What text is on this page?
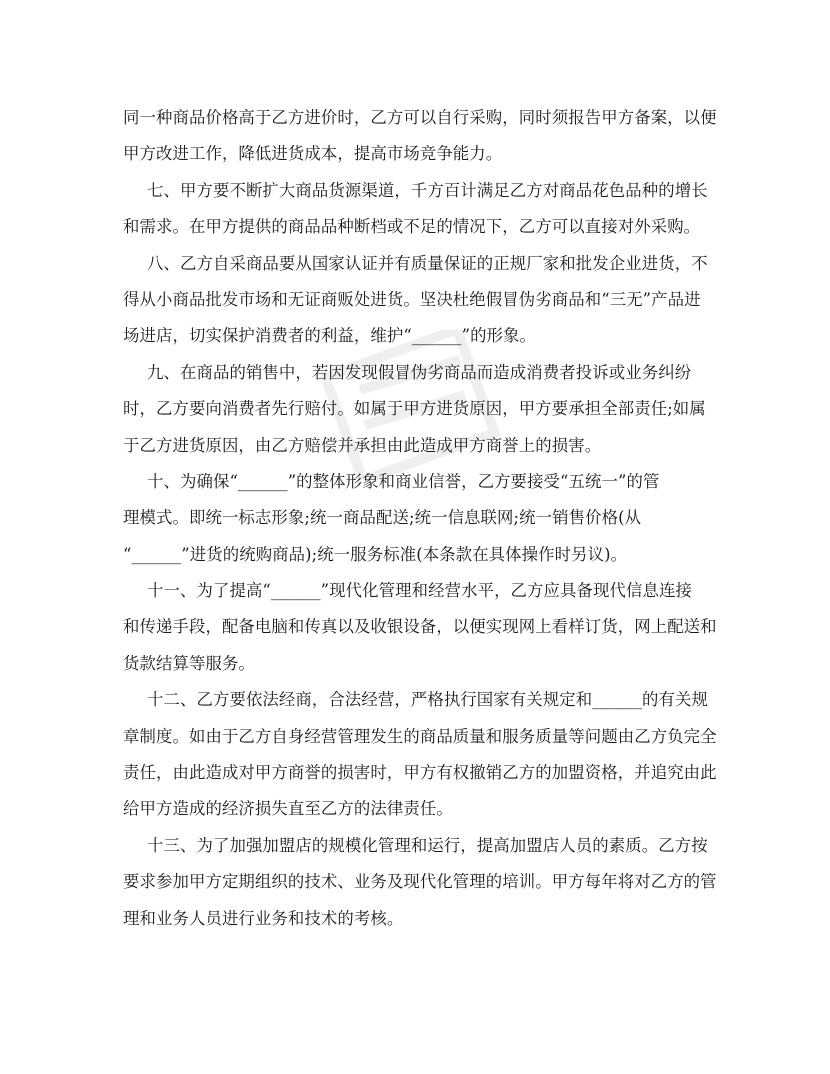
同一种商品价格高于乙方进价时，乙方可以自行采购，同时须报告甲方备案，以便
甲方改进工作，降低进货成本，提高市场竞争能力。
七、甲方要不断扩大商品货源渠道，千方百计满足乙方对商品花色品种的增长
和需求。在甲方提供的商品品种断档或不足的情况下，乙方可以直接对外采购。
八、乙方自采商品要从国家认证并有质量保证的正规厂家和批发企业进货，不
得从小商品批发市场和无证商贩处进货。坚决杜绝假冒伪劣商品和“三无”产品进
场进店，切实保护消费者的利益，维护“______”的形象。
九、在商品的销售中，若因发现假冒伪劣商品而造成消费者投诉或业务纠纷
时，乙方要向消费者先行赔付。如属于甲方进货原因，甲方要承担全部责任;如属
于乙方进货原因，由乙方赔偿并承担由此造成甲方商誉上的损害。
十、为确保“______”的整体形象和商业信誉，乙方要接受“五统一”的管
理模式。即统一标志形象;统一商品配送;统一信息联网;统一销售价格(从
“______”进货的统购商品);统一服务标准(本条款在具体操作时另议)。
十一、为了提高“______”现代化管理和经营水平，乙方应具备现代信息连接
和传递手段，配备电脑和传真以及收银设备，以便实现网上看样订货，网上配送和
货款结算等服务。
十二、乙方要依法经商，合法经营，严格执行国家有关规定和______的有关规
章制度。如由于乙方自身经营管理发生的商品质量和服务质量等问题由乙方负完全
责任，由此造成对甲方商誉的损害时，甲方有权撤销乙方的加盟资格，并追究由此
给甲方造成的经济损失直至乙方的法律责任。
十三、为了加强加盟店的规模化管理和运行，提高加盟店人员的素质。乙方按
要求参加甲方定期组织的技术、业务及现代化管理的培训。甲方每年将对乙方的管
理和业务人员进行业务和技术的考核。
